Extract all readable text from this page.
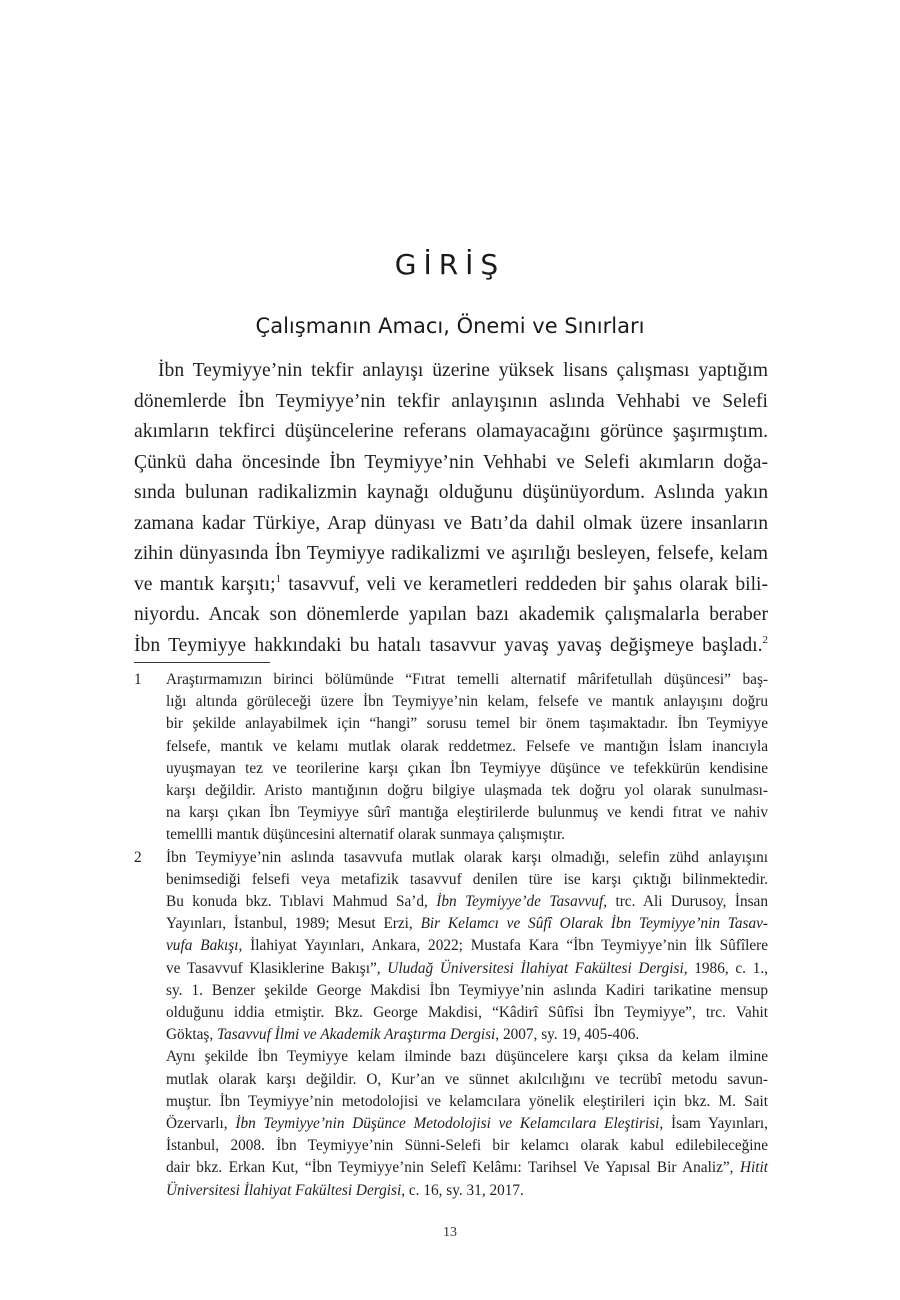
GİRİŞ
Çalışmanın Amacı, Önemi ve Sınırları
İbn Teymiyye’nin tekfir anlayışı üzerine yüksek lisans çalışması yaptığım
dönemlerde İbn Teymiyye’nin tekfir anlayışının aslında Vehhabi ve Selefi
akımların tekfirci düşüncelerine referans olamayacağını görünce şaşırmıştım.
Çünkü daha öncesinde İbn Teymiyye’nin Vehhabi ve Selefi akımların doğa-
sında bulunan radikalizmin kaynağı olduğunu düşünüyordum. Aslında yakın
zamana kadar Türkiye, Arap dünyası ve Batı’da dahil olmak üzere insanların
zihin dünyasında İbn Teymiyye radikalizmi ve aşırılığı besleyen, felsefe, kelam
ve mantık karşıtı;$^1$ tasavvuf, veli ve kerametleri reddeden bir şahıs olarak bili-
niyordu. Ancak son dönemlerde yapılan bazı akademik çalışmalarla beraber
İbn Teymiyye hakkındaki bu hatalı tasavvur yavaş yavaş değişmeye başladı.$^2$
1 Araştırmamızın birinci bölümünde “Fıtrat temelli alternatif mârifetullah düşüncesi” baş-
lığı altında görüleceği üzere İbn Teymiyye’nin kelam, felsefe ve mantık anlayışını doğru
bir şekilde anlayabilmek için “hangi” sorusu temel bir önem taşımaktadır. İbn Teymiyye
felsefe, mantık ve kelamı mutlak olarak reddetmez. Felsefe ve mantığın İslam inancıyla
uyuşmayan tez ve teorilerine karşı çıkan İbn Teymiyye düşünce ve tefekkürün kendisine
karşı değildir. Aristo mantığının doğru bilgiye ulaşmada tek doğru yol olarak sunulması-
na karşı çıkan İbn Teymiyye sûrî mantığa eleştirilerde bulunmuş ve kendi fıtrat ve nahiv
temellli mantık düşüncesini alternatif olarak sunmaya çalışmıştır.
2 İbn Teymiyye’nin aslında tasavvufa mutlak olarak karşı olmadığı, selefin zühd anlayışını
benimsediği felsefi veya metafizik tasavvuf denilen türe ise karşı çıktığı bilinmektedir.
Bu konuda bkz. Tıblavi Mahmud Sa’d, İbn Teymiyye’de Tasavvuf, trc. Ali Durusoy, İnsan
Yayınları, İstanbul, 1989; Mesut Erzi, Bir Kelamcı ve Sûfî Olarak İbn Teymiyye’nin Tasav-
vufa Bakışı, İlahiyat Yayınları, Ankara, 2022; Mustafa Kara “İbn Teymiyye’nin İlk Sûfîlere
ve Tasavvuf Klasiklerine Bakışı”, Uludağ Üniversitesi İlahiyat Fakültesi Dergisi, 1986, c. 1.,
sy. 1. Benzer şekilde George Makdisi İbn Teymiyye’nin aslında Kadiri tarikatine mensup
olduğunu iddia etmiştir. Bkz. George Makdisi, “Kâdirî Sûfîsi İbn Teymiyye”, trc. Vahit
Göktaş, Tasavvuf İlmi ve Akademik Araştırma Dergisi, 2007, sy. 19, 405-406.
Aynı şekilde İbn Teymiyye kelam ilminde bazı düşüncelere karşı çıksa da kelam ilmine
mutlak olarak karşı değildir. O, Kur’an ve sünnet akılcılığını ve tecrübî metodu savun-
muştur. İbn Teymiyye’nin metodolojisi ve kelamcılara yönelik eleştirileri için bkz. M. Sait
Özervarlı, İbn Teymiyye’nin Düşünce Metodolojisi ve Kelamcılara Eleştirisi, İsam Yayınları,
İstanbul, 2008. İbn Teymiyye’nin Sünni-Selefi bir kelamcı olarak kabul edilebileceğine
dair bkz. Erkan Kut, “İbn Teymiyye’nin Selefî Kelâmı: Tarihsel Ve Yapısal Bir Analiz”, Hitit
Üniversitesi İlahiyat Fakültesi Dergisi, c. 16, sy. 31, 2017.
13
